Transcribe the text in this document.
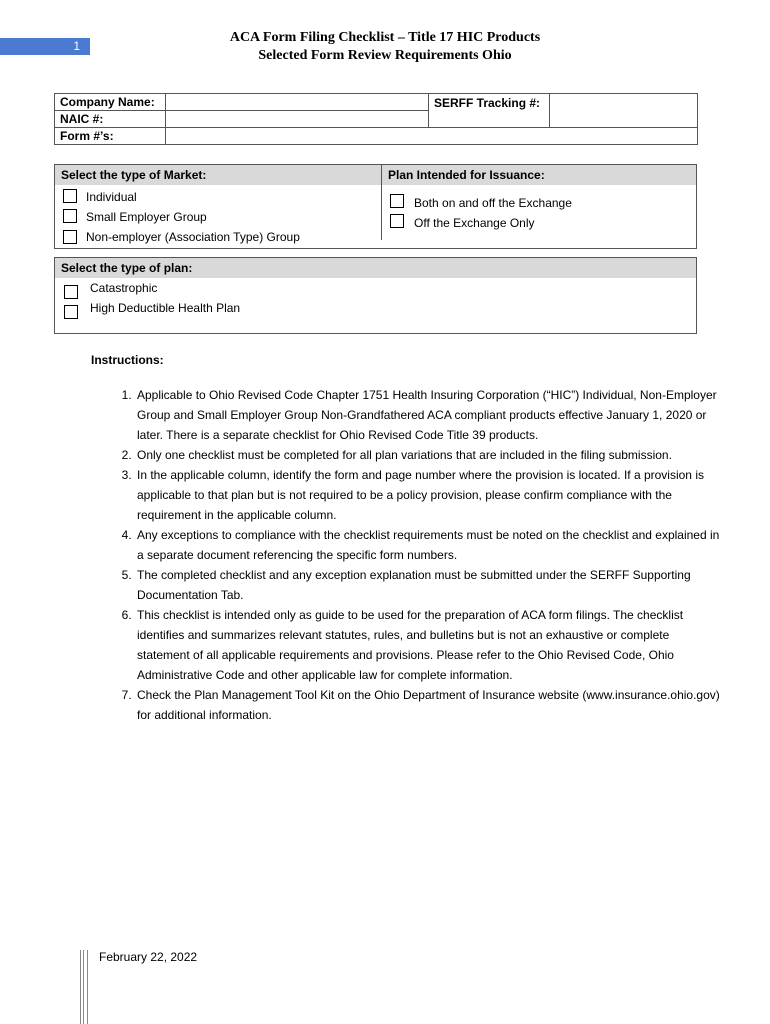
1
ACA Form Filing Checklist – Title 17 HIC Products
Selected Form Review Requirements Ohio
Company Name:		SERFF Tracking #:	
NAIC #:			
Form #’s:			
Select the type of Market:
Individual
Small Employer Group
Non-employer (Association Type) Group
Plan Intended for Issuance:
Both on and off the Exchange
Off the Exchange Only
Select the type of plan:
Catastrophic
High Deductible Health Plan
Instructions:
1. Applicable to Ohio Revised Code Chapter 1751 Health Insuring Corporation (“HIC”) Individual, Non-Employer Group and Small Employer Group Non-Grandfathered ACA compliant products effective January 1, 2020 or later. There is a separate checklist for Ohio Revised Code Title 39 products.
2. Only one checklist must be completed for all plan variations that are included in the filing submission.
3. In the applicable column, identify the form and page number where the provision is located. If a provision is applicable to that plan but is not required to be a policy provision, please confirm compliance with the requirement in the applicable column.
4. Any exceptions to compliance with the checklist requirements must be noted on the checklist and explained in a separate document referencing the specific form numbers.
5. The completed checklist and any exception explanation must be submitted under the SERFF Supporting Documentation Tab.
6. This checklist is intended only as guide to be used for the preparation of ACA form filings. The checklist identifies and summarizes relevant statutes, rules, and bulletins but is not an exhaustive or complete statement of all applicable requirements and provisions. Please refer to the Ohio Revised Code, Ohio Administrative Code and other applicable law for complete information.
7. Check the Plan Management Tool Kit on the Ohio Department of Insurance website (www.insurance.ohio.gov) for additional information.
February 22, 2022
